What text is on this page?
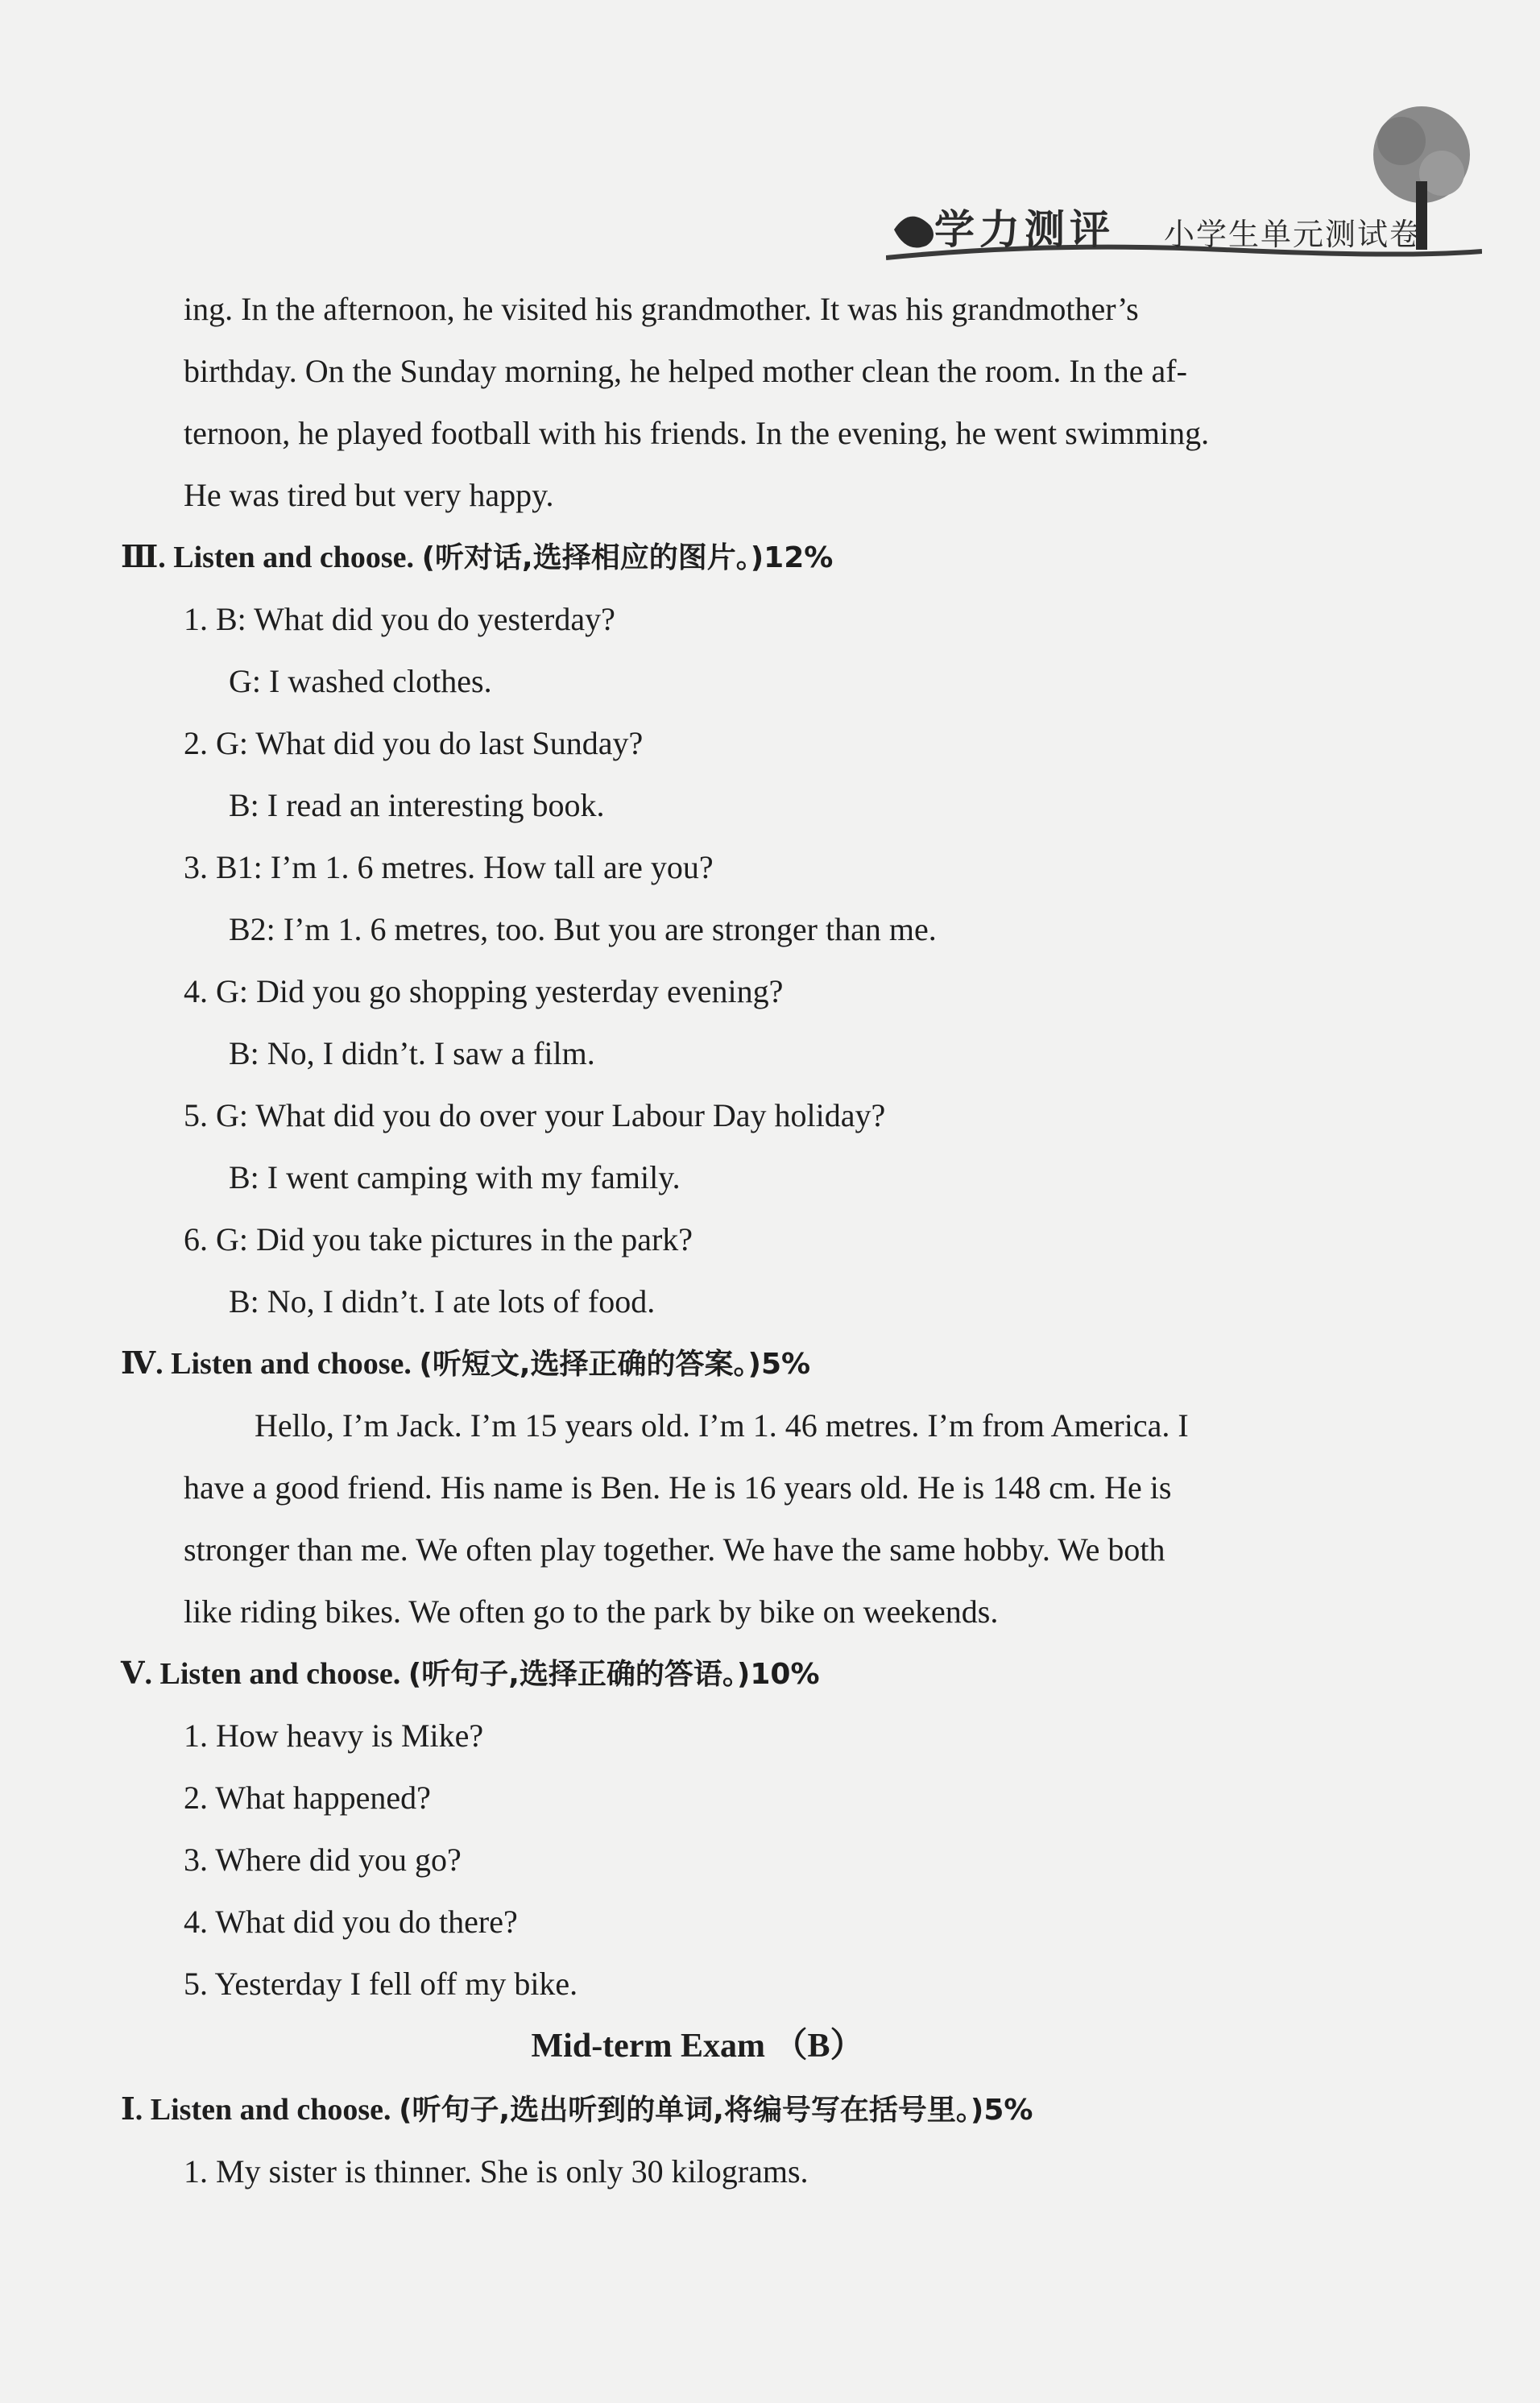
学力测评 小学生单元测试卷
ing. In the afternoon, he visited his grandmother. It was his grandmother’s
birthday. On the Sunday morning, he helped mother clean the room. In the af-
ternoon, he played football with his friends. In the evening, he went swimming.
He was tired but very happy.
Ⅲ. Listen and choose. (听对话,选择相应的图片。)12%
1. B: What did you do yesterday?
G: I washed clothes.
2. G: What did you do last Sunday?
B: I read an interesting book.
3. B1: I’m 1. 6 metres. How tall are you?
B2: I’m 1. 6 metres, too. But you are stronger than me.
4. G: Did you go shopping yesterday evening?
B: No, I didn’t. I saw a film.
5. G: What did you do over your Labour Day holiday?
B: I went camping with my family.
6. G: Did you take pictures in the park?
B: No, I didn’t. I ate lots of food.
Ⅳ. Listen and choose. (听短文,选择正确的答案。)5%
Hello, I’m Jack. I’m 15 years old. I’m 1. 46 metres. I’m from America. I
have a good friend. His name is Ben. He is 16 years old. He is 148 cm. He is
stronger than me. We often play together. We have the same hobby. We both
like riding bikes. We often go to the park by bike on weekends.
Ⅴ. Listen and choose. (听句子,选择正确的答语。)10%
1. How heavy is Mike?
2. What happened?
3. Where did you go?
4. What did you do there?
5. Yesterday I fell off my bike.
Mid-term Exam （B）
Ⅰ. Listen and choose. (听句子,选出听到的单词,将编号写在括号里。)5%
1. My sister is thinner. She is only 30 kilograms.
